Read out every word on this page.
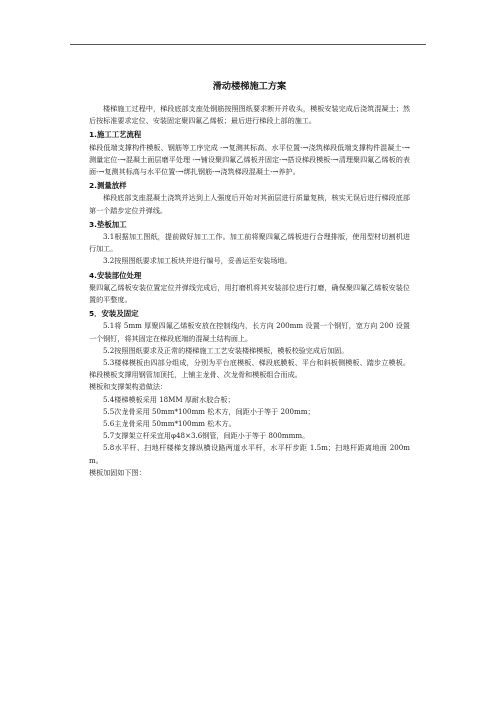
滑动楼梯施工方案

楼梯施工过程中，梯段底部支座处钢筋按照图纸要求断开并收头，模板安装完成后浇筑混凝土；然后按标准要求定位、安装固定聚四氟乙烯板；最后进行梯段上部的施工。

1.施工工艺流程

梯段低端支撑构件模板、钢筋等工序完成 -→复测其标高、水平位置-→浇筑梯段低端支撑构件混凝土-→测量定位-→混凝土面层磨平处理 -→铺设聚四氟乙烯板并固定-→搭设梯段模板-→清理聚四氟乙烯板的表面-→复测其标高与水平位置-→绑扎钢筋-→浇筑梯段混凝土-→养护。

2.测量放样

梯段底部支座混凝土浇筑并达到上人强度后开始对其面层进行质量复核，核实无误后进行梯段底部第一个踏步定位并弹线。

3.垫板加工

3.1根据加工图纸，提前做好加工工作。加工前将聚四氟乙烯板进行合理排版，使用型材切割机进行加工。

3.2按照图纸要求加工板块并进行编号，妥善运至安装场地。

4.安装部位处理

聚四氟乙烯板安装位置定位并弹线完成后，用打磨机将其安装部位进行打磨，确保聚四氟乙烯板安装位置的平整度。

5．安装及固定

5.1将 5mm 厚聚四氟乙烯板安放在控制线内，长方向 200mm 设置一个钢钉，宽方向 200 设置一个钢钉，将其固定在梯段底端的混凝土结构面上。

5.2按照图纸要求及正常的楼梯施工工艺安装楼梯模板，模板校验完成后加固。

5.3楼梯模板由四部分组成，分别为平台底模板、梯段底膜板、平台和斜板侧模板、踏步立模板。梯段模板支撑用钢管加顶托，上铺主龙骨、次龙骨和模板组合而成。

模板和支撑架构造做法：

5.4楼梯模板采用 18MM 厚耐水胶合板；

5.5次龙骨采用 50mm*100mm 松木方，间距小于等于 200mm；

5.6主龙骨采用 50mm*100mm 松木方。

5.7支撑架立杆采宜用φ48×3.6钢管，间距小于等于 800mmm。

5.8水平杆、扫地杆楼梯支撑纵横设路两道水平杆，水平杆步距 1.5m；扫地杆距离地面 200mm。

模板加固如下图：
